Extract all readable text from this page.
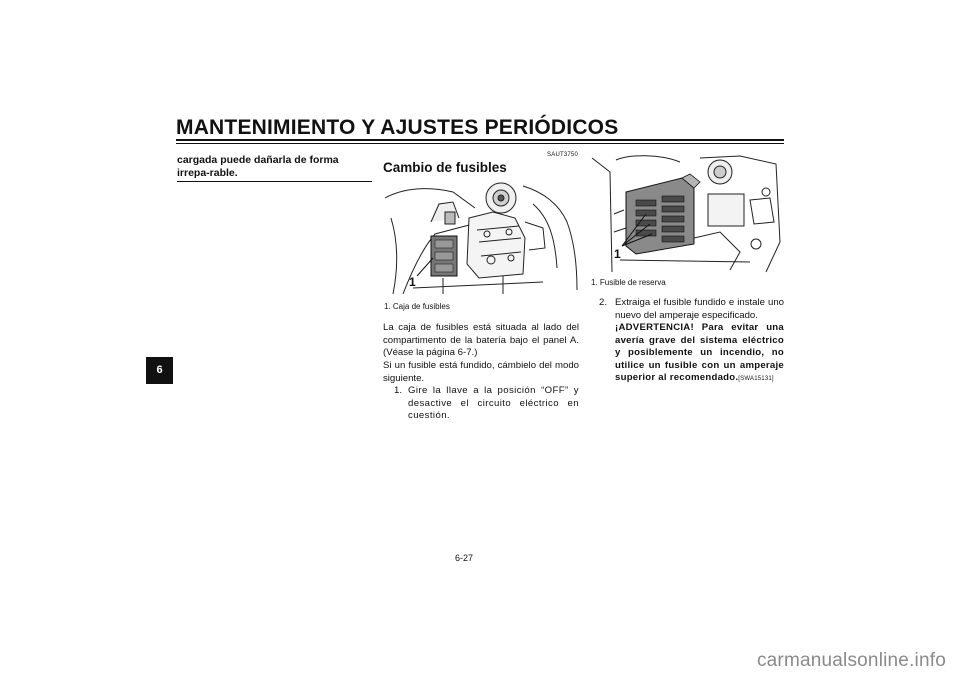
MANTENIMIENTO Y AJUSTES PERIÓDICOS
6
cargada puede dañarla de forma irrepa-rable.
SAUT3750
Cambio de fusibles
1
1. Caja de fusibles
La caja de fusibles está situada al lado del compartimento de la batería bajo el panel A. (Véase la página 6-7.)
Si un fusible está fundido, cámbielo del modo siguiente.
1. Gire la llave a la posición “OFF” y desactive el circuito eléctrico en cuestión.
1
1. Fusible de reserva
2. Extraiga el fusible fundido e instale uno nuevo del amperaje especificado.
¡ADVERTENCIA! Para evitar una avería grave del sistema eléctrico y posiblemente un incendio, no utilice un fusible con un amperaje superior al recomendado.[SWA15131]
6-27
carmanualsonline.info
